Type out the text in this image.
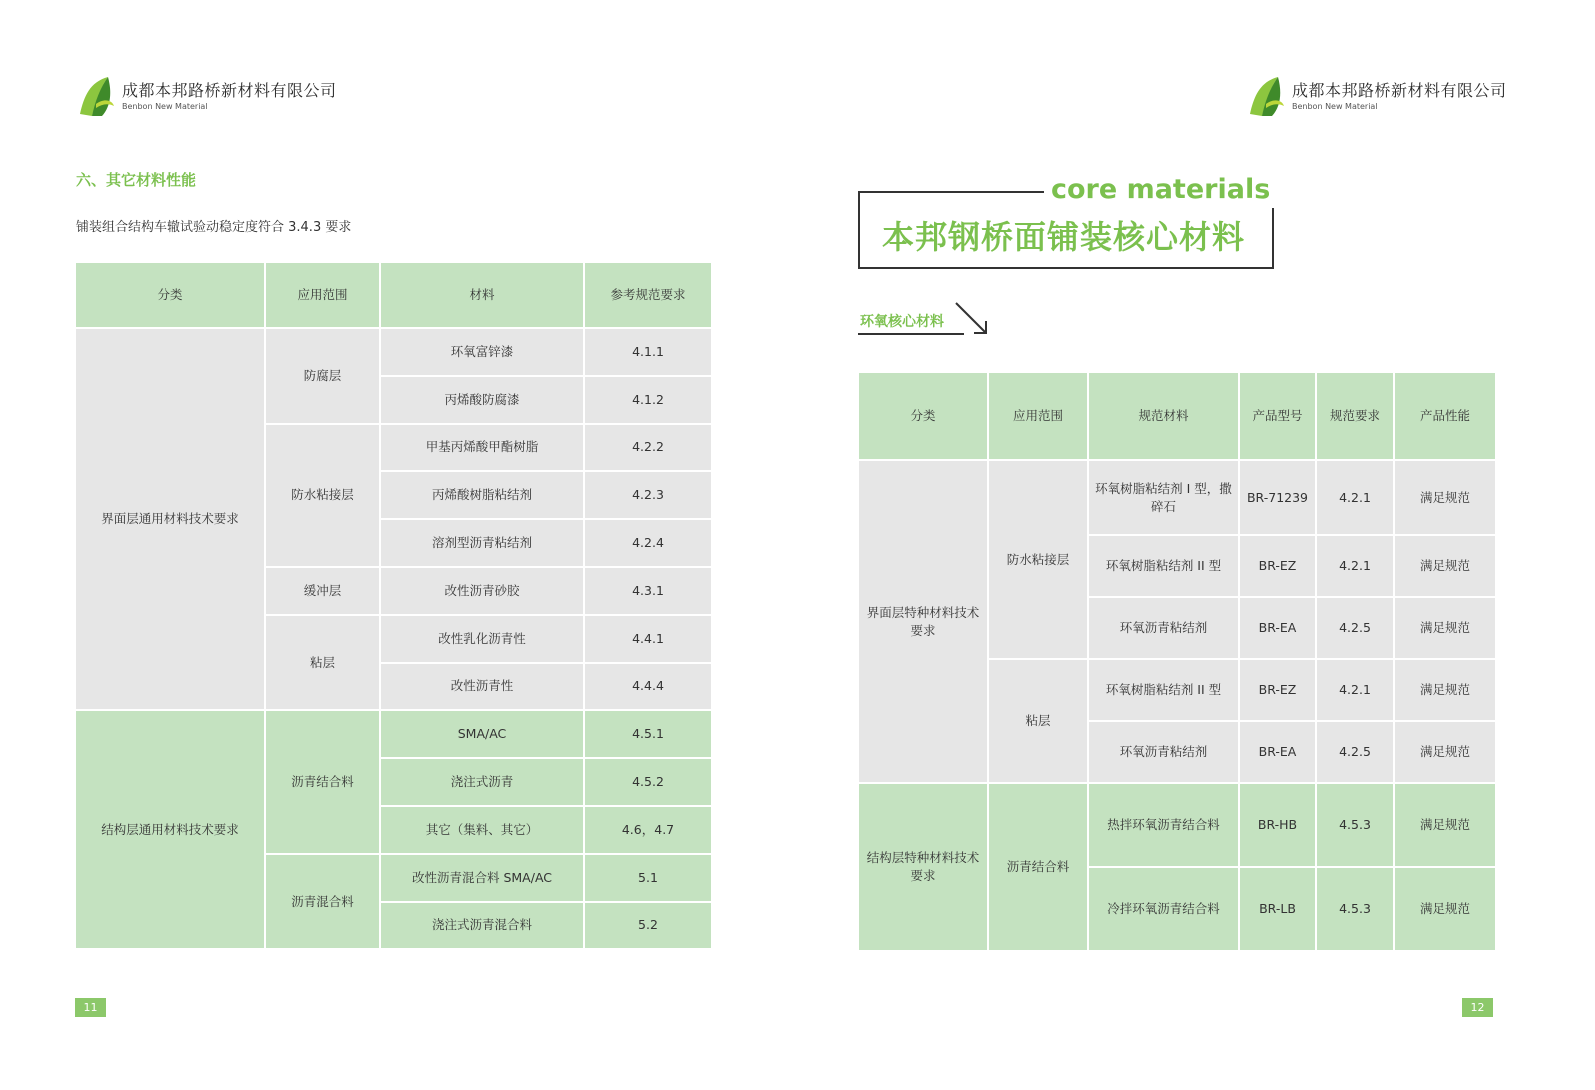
成都本邦路桥新材料有限公司
Benbon New Material
成都本邦路桥新材料有限公司
Benbon New Material
六、其它材料性能
铺装组合结构车辙试验动稳定度符合 3.4.3 要求
分类	应用范围	材料	参考规范要求
界面层通用材料技术要求	防腐层	环氧富锌漆	4.1.1
		丙烯酸防腐漆	4.1.2
	防水粘接层	甲基丙烯酸甲酯树脂	4.2.2
		丙烯酸树脂粘结剂	4.2.3
		溶剂型沥青粘结剂	4.2.4
	缓冲层	改性沥青砂胶	4.3.1
	粘层	改性乳化沥青性	4.4.1
		改性沥青性	4.4.4
结构层通用材料技术要求	沥青结合料	SMA/AC	4.5.1
		浇注式沥青	4.5.2
		其它（集料、其它）	4.6，4.7
	沥青混合料	改性沥青混合料 SMA/AC	5.1
		浇注式沥青混合料	5.2
11
core materials
本邦钢桥面铺装核心材料
环氧核心材料
分类	应用范围	规范材料	产品型号	规范要求	产品性能
界面层特种材料技术要求	防水粘接层	环氧树脂粘结剂 I 型，撒碎石	BR-71239	4.2.1	满足规范
		环氧树脂粘结剂 II 型	BR-EZ	4.2.1	满足规范
		环氧沥青粘结剂	BR-EA	4.2.5	满足规范
	粘层	环氧树脂粘结剂 II 型	BR-EZ	4.2.1	满足规范
		环氧沥青粘结剂	BR-EA	4.2.5	满足规范
结构层特种材料技术要求	沥青结合料	热拌环氧沥青结合料	BR-HB	4.5.3	满足规范
		冷拌环氧沥青结合料	BR-LB	4.5.3	满足规范
12
